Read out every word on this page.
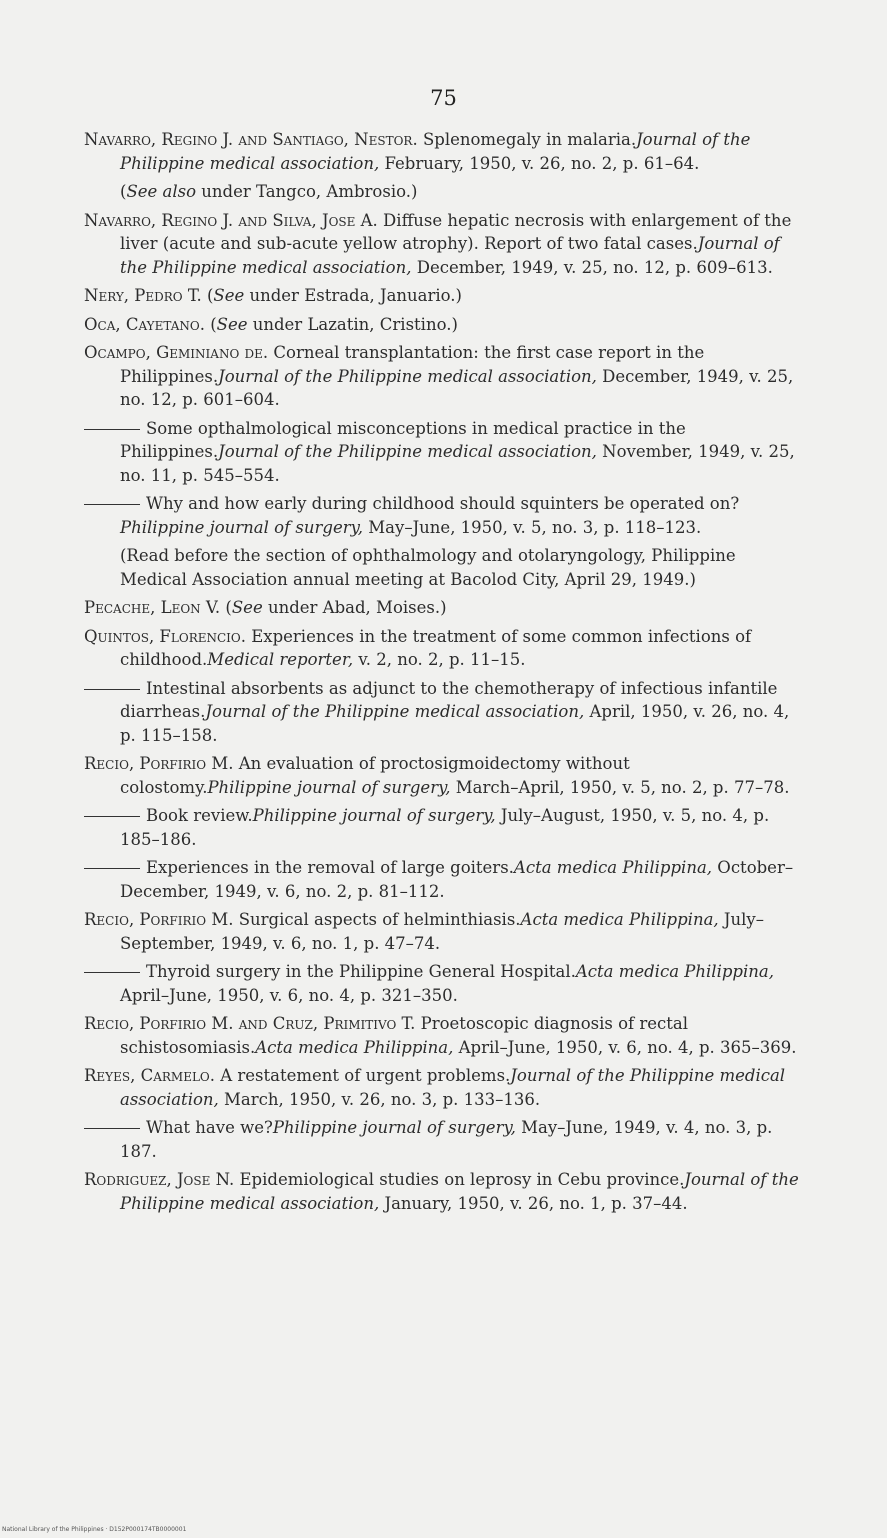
75
Navarro, Regino J. and Santiago, Nestor. Splenomegaly in malaria.Journal of the Philippine medical association, February, 1950, v. 26, no. 2, p. 61–64.
(See also under Tangco, Ambrosio.)
Navarro, Regino J. and Silva, Jose A. Diffuse hepatic necrosis with enlargement of the liver (acute and sub-acute yellow atrophy). Report of two fatal cases.Journal of the Philippine medical association, December, 1949, v. 25, no. 12, p. 609–613.
Nery, Pedro T. (See under Estrada, Januario.)
Oca, Cayetano. (See under Lazatin, Cristino.)
Ocampo, Geminiano de. Corneal transplantation: the first case report in the Philippines.Journal of the Philippine medical association, December, 1949, v. 25, no. 12, p. 601–604.
Some opthalmological misconceptions in medical practice in the Philippines.Journal of the Philippine medical association, November, 1949, v. 25, no. 11, p. 545–554.
Why and how early during childhood should squinters be operated on?Philippine journal of surgery, May–June, 1950, v. 5, no. 3, p. 118–123.
(Read before the section of ophthalmology and otolaryngology, Philippine Medical Association annual meeting at Bacolod City, April 29, 1949.)
Pecache, Leon V. (See under Abad, Moises.)
Quintos, Florencio. Experiences in the treatment of some common infections of childhood.Medical reporter, v. 2, no. 2, p. 11–15.
Intestinal absorbents as adjunct to the chemotherapy of infectious infantile diarrheas.Journal of the Philippine medical association, April, 1950, v. 26, no. 4, p. 115–158.
Recio, Porfirio M. An evaluation of proctosigmoidectomy without colostomy.Philippine journal of surgery, March–April, 1950, v. 5, no. 2, p. 77–78.
Book review.Philippine journal of surgery, July–August, 1950, v. 5, no. 4, p. 185–186.
Experiences in the removal of large goiters.Acta medica Philippina, October–December, 1949, v. 6, no. 2, p. 81–112.
Recio, Porfirio M. Surgical aspects of helminthiasis.Acta medica Philippina, July–September, 1949, v. 6, no. 1, p. 47–74.
Thyroid surgery in the Philippine General Hospital.Acta medica Philippina, April–June, 1950, v. 6, no. 4, p. 321–350.
Recio, Porfirio M. and Cruz, Primitivo T. Proetoscopic diagnosis of rectal schistosomiasis.Acta medica Philippina, April–June, 1950, v. 6, no. 4, p. 365–369.
Reyes, Carmelo. A restatement of urgent problems.Journal of the Philippine medical association, March, 1950, v. 26, no. 3, p. 133–136.
What have we?Philippine journal of surgery, May–June, 1949, v. 4, no. 3, p. 187.
Rodriguez, Jose N. Epidemiological studies on leprosy in Cebu province.Journal of the Philippine medical association, January, 1950, v. 26, no. 1, p. 37–44.
National Library of the Philippines · D152P000174TB0000001
